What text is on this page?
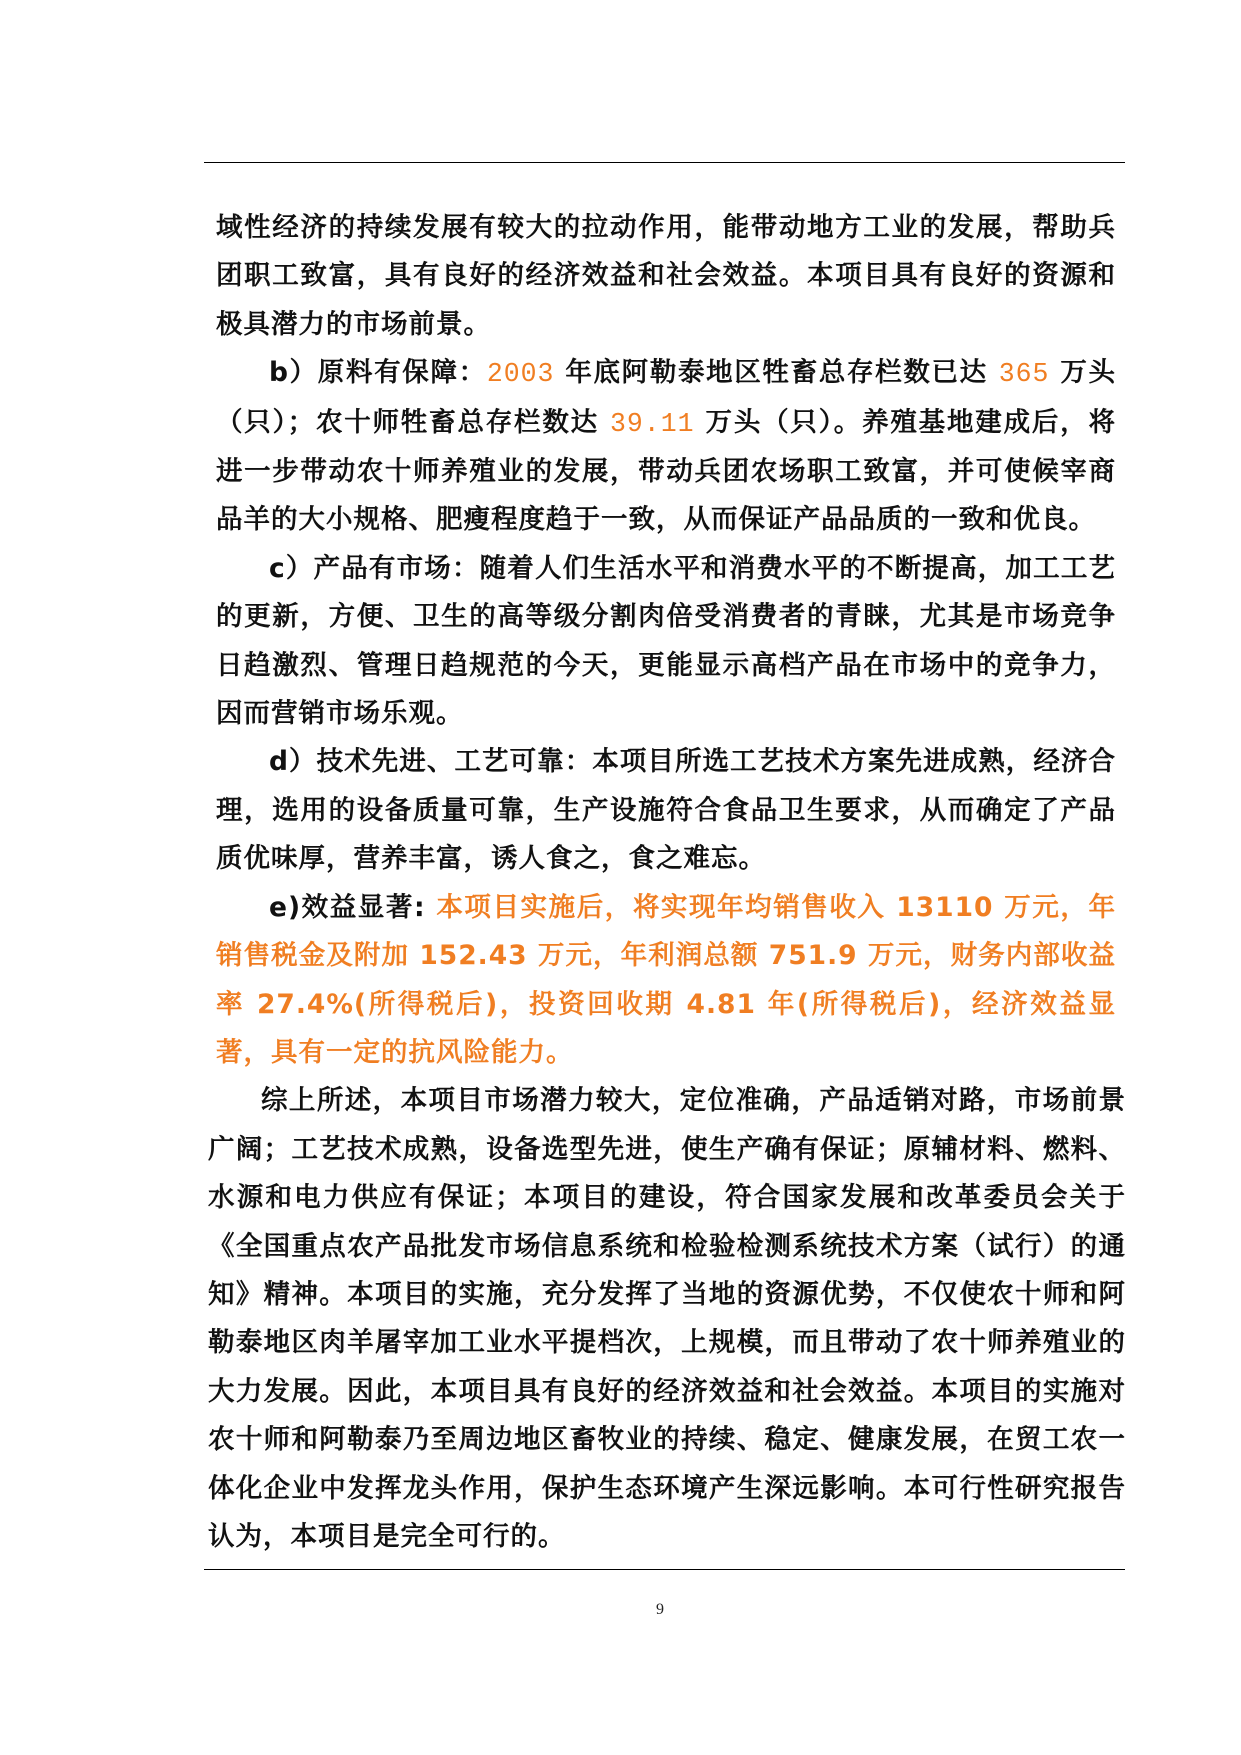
域性经济的持续发展有较大的拉动作用，能带动地方工业的发展，帮助兵团职工致富，具有良好的经济效益和社会效益。本项目具有良好的资源和极具潜力的市场前景。

b）原料有保障：2003 年底阿勒泰地区牲畜总存栏数已达 365 万头（只）；农十师牲畜总存栏数达 39.11 万头（只）。养殖基地建成后，将进一步带动农十师养殖业的发展，带动兵团农场职工致富，并可使候宰商品羊的大小规格、肥瘦程度趋于一致，从而保证产品品质的一致和优良。

c）产品有市场：随着人们生活水平和消费水平的不断提高，加工工艺的更新，方便、卫生的高等级分割肉倍受消费者的青睐，尤其是市场竞争日趋激烈、管理日趋规范的今天，更能显示高档产品在市场中的竞争力，因而营销市场乐观。

d）技术先进、工艺可靠：本项目所选工艺技术方案先进成熟，经济合理，选用的设备质量可靠，生产设施符合食品卫生要求，从而确定了产品质优味厚，营养丰富，诱人食之，食之难忘。

e)效益显著: 本项目实施后，将实现年均销售收入 13110 万元，年销售税金及附加 152.43 万元，年利润总额 751.9 万元，财务内部收益率 27.4%(所得税后)，投资回收期 4.81 年(所得税后)，经济效益显著，具有一定的抗风险能力。

综上所述，本项目市场潜力较大，定位准确，产品适销对路，市场前景广阔；工艺技术成熟，设备选型先进，使生产确有保证；原辅材料、燃料、水源和电力供应有保证；本项目的建设，符合国家发展和改革委员会关于《全国重点农产品批发市场信息系统和检验检测系统技术方案（试行）的通知》精神。本项目的实施，充分发挥了当地的资源优势，不仅使农十师和阿勒泰地区肉羊屠宰加工业水平提档次，上规模，而且带动了农十师养殖业的大力发展。因此，本项目具有良好的经济效益和社会效益。本项目的实施对农十师和阿勒泰乃至周边地区畜牧业的持续、稳定、健康发展，在贸工农一体化企业中发挥龙头作用，保护生态环境产生深远影响。本可行性研究报告认为，本项目是完全可行的。

9
